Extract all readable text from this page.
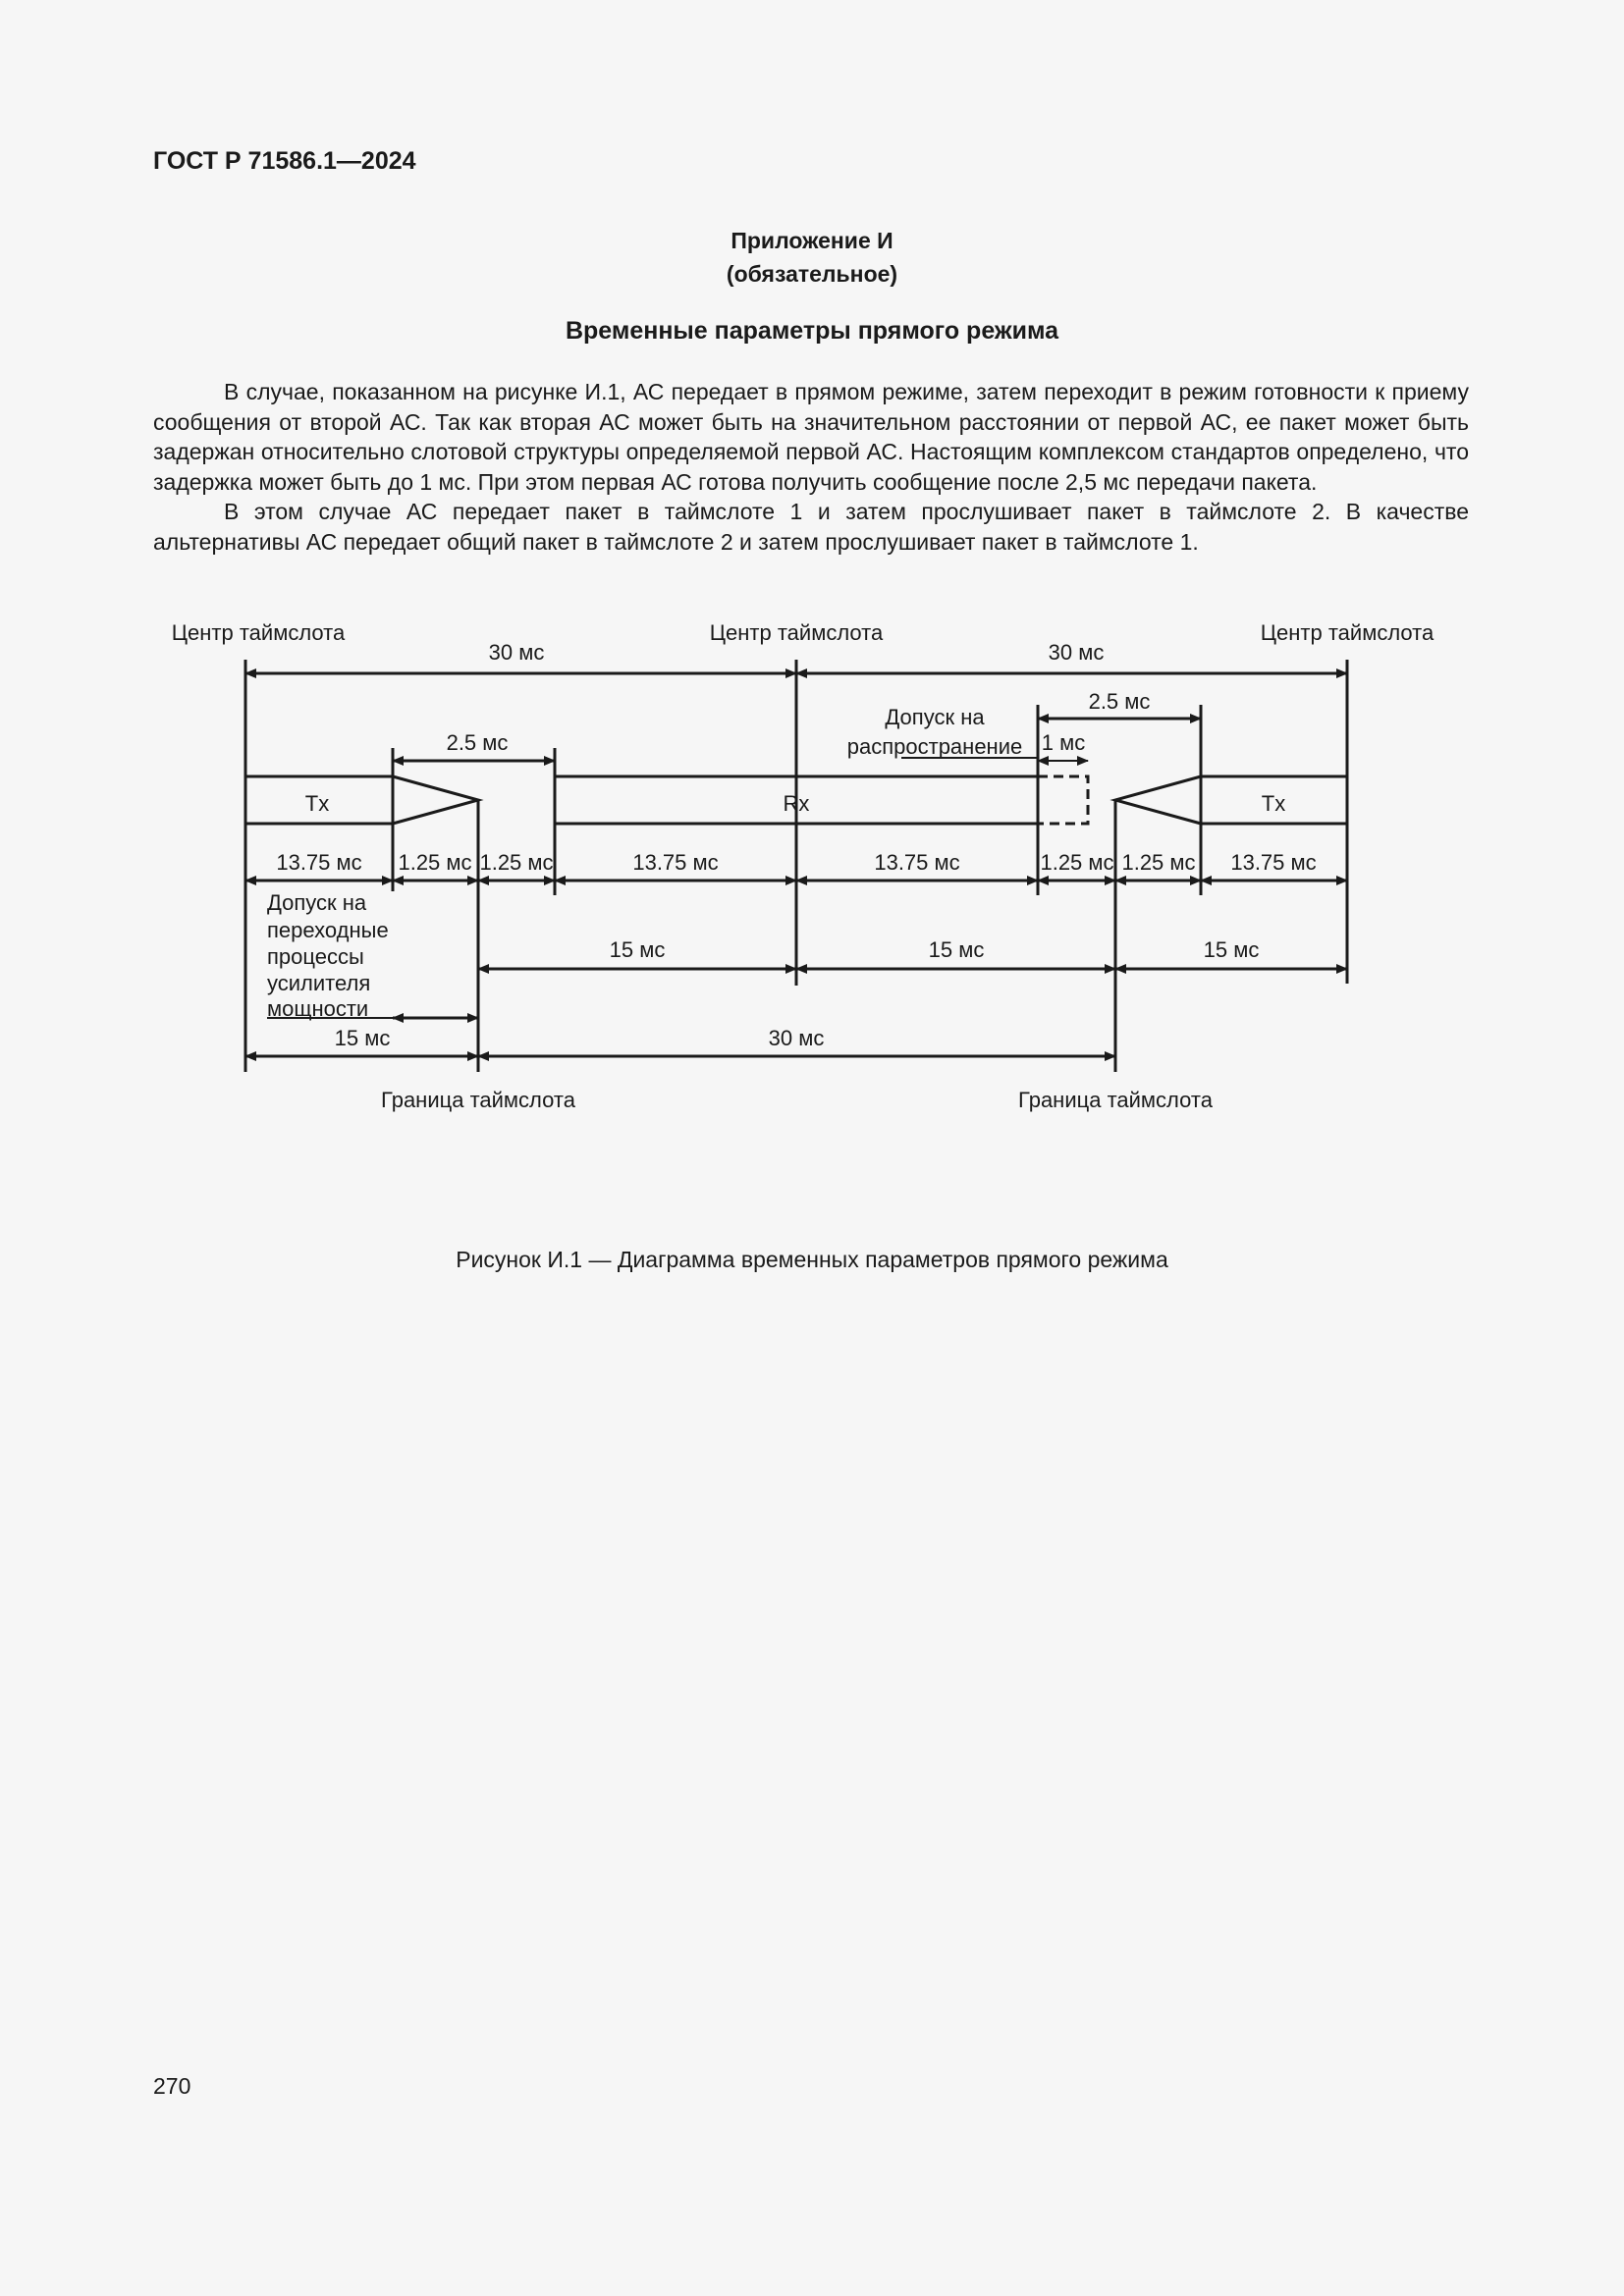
ГОСТ Р 71586.1—2024
Приложение И
(обязательное)
Временные параметры прямого режима

В случае, показанном на рисунке И.1, АС передает в прямом режиме, затем переходит в режим готовности к приему сообщения от второй АС. Так как вторая АС может быть на значительном расстоянии от первой АС, ее пакет может быть задержан относительно слотовой структуры определяемой первой АС. Настоящим комплексом стандартов определено, что задержка может быть до 1 мс. При этом первая АС готова получить сообщение после 2,5 мс передачи пакета.

В этом случае АС передает пакет в таймслоте 1 и затем прослушивает пакет в таймслоте 2. В качестве альтернативы АС передает общий пакет в таймслоте 2 и затем прослушивает пакет в таймслоте 1.

Центр таймслота	Центр таймслота	Центр таймслота
30 мс	30 мс
2.5 мс
2.5 мс	1 мс
Допуск на
распространение
Tx	Rx	Tx
13.75 мс 1.25 мс 1.25 мс	13.75 мс	13.75 мс	1.25 мс 1.25 мс 13.75 мс
Допуск на
переходные
процессы
усилителя
мощности
15 мс	15 мс	15 мс
15 мс	30 мс
Граница таймслота	Граница таймслота
Рисунок И.1 — Диаграмма временных параметров прямого режима
270
